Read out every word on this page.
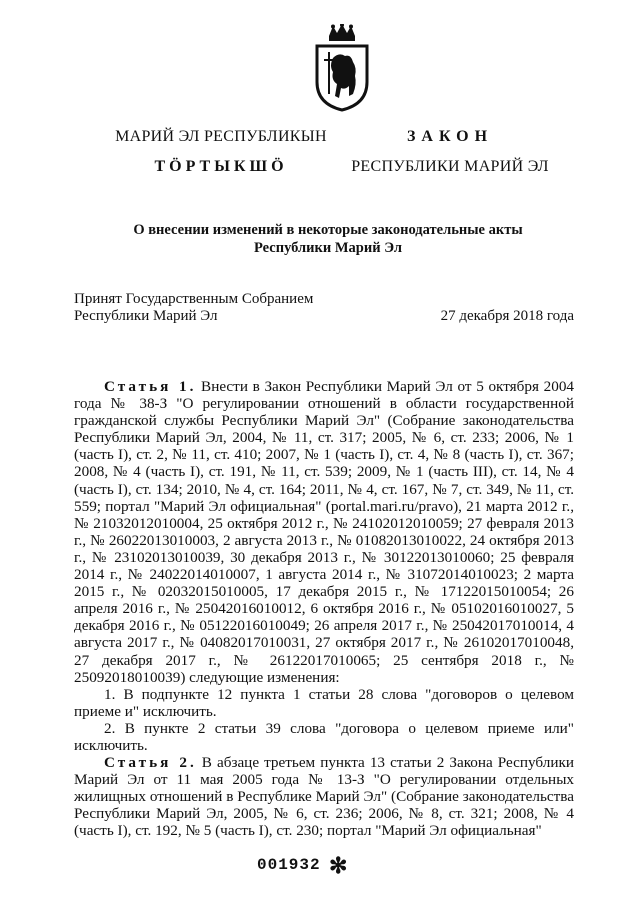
МАРИЙ ЭЛ РЕСПУБЛИКЫН
ТӦРТЫКШӦ
ЗАКОН
РЕСПУБЛИКИ МАРИЙ ЭЛ
О внесении изменений в некоторые законодательные акты
Республики Марий Эл
Принят Государственным Собранием
Республики Марий Эл	27 декабря 2018 года

Статья 1. Внести в Закон Республики Марий Эл от 5 октября 2004 года № 38-З "О регулировании отношений в области государственной гражданской службы Республики Марий Эл" (Собрание законодательства Республики Марий Эл, 2004, № 11, ст. 317; 2005, № 6, ст. 233; 2006, № 1 (часть I), ст. 2, № 11, ст. 410; 2007, № 1 (часть I), ст. 4, № 8 (часть I), ст. 367; 2008, № 4 (часть I), ст. 191, № 11, ст. 539; 2009, № 1 (часть III), ст. 14, № 4 (часть I), ст. 134; 2010, № 4, ст. 164; 2011, № 4, ст. 167, № 7, ст. 349, № 11, ст. 559; портал "Марий Эл официальная" (portal.mari.ru/pravo), 21 марта 2012 г., № 21032012010004, 25 октября 2012 г., № 24102012010059; 27 февраля 2013 г., № 26022013010003, 2 августа 2013 г., № 01082013010022, 24 октября 2013 г., № 23102013010039, 30 декабря 2013 г., № 30122013010060; 25 февраля 2014 г., № 24022014010007, 1 августа 2014 г., № 31072014010023; 2 марта 2015 г., № 02032015010005, 17 декабря 2015 г., № 17122015010054; 26 апреля 2016 г., № 25042016010012, 6 октября 2016 г., № 05102016010027, 5 декабря 2016 г., № 05122016010049; 26 апреля 2017 г., № 25042017010014, 4 августа 2017 г., № 04082017010031, 27 октября 2017 г., № 26102017010048, 27 декабря 2017 г., № 26122017010065; 25 сентября 2018 г., № 25092018010039) следующие изменения:

1. В подпункте 12 пункта 1 статьи 28 слова "договоров о целевом приеме и" исключить.

2. В пункте 2 статьи 39 слова "договора о целевом приеме или" исключить.

Статья 2. В абзаце третьем пункта 13 статьи 2 Закона Республики Марий Эл от 11 мая 2005 года № 13-З "О регулировании отдельных жилищных отношений в Республике Марий Эл" (Собрание законодательства Республики Марий Эл, 2005, № 6, ст. 236; 2006, № 8, ст. 321; 2008, № 4 (часть I), ст. 192, № 5 (часть I), ст. 230; портал "Марий Эл официальная"

001932 ✻
